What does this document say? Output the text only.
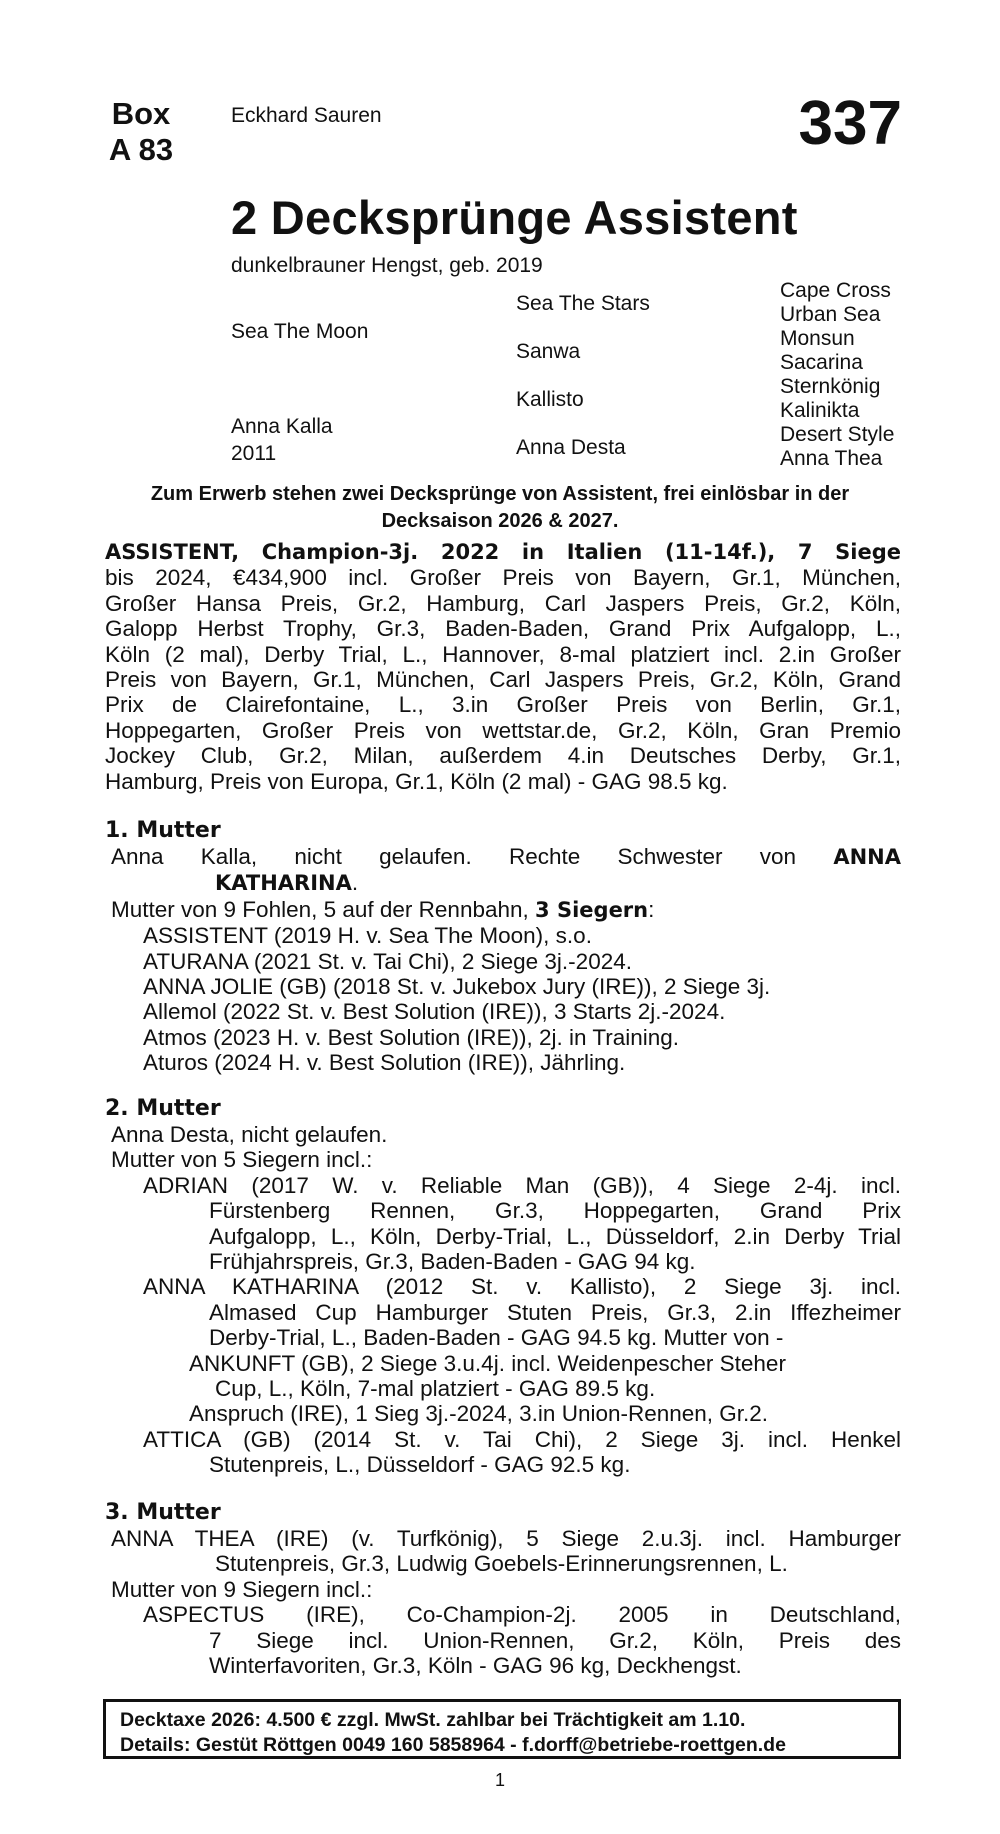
Box
A 83
Eckhard Sauren	337
2 Decksprünge Assistent
dunkelbrauner Hengst, geb. 2019
Sea The Moon
Anna Kalla
2011
Sea The Stars
Sanwa
Kallisto
Anna Desta
Cape Cross
Urban Sea
Monsun
Sacarina
Sternkönig
Kalinikta
Desert Style
Anna Thea
Zum Erwerb stehen zwei Decksprünge von Assistent, frei einlösbar in der
Decksaison 2026 & 2027.

ASSISTENT, Champion-3j. 2022 in Italien (11-14f.), 7 Siege

bis 2024, €434,900 incl. Großer Preis von Bayern, Gr.1, München,

Großer Hansa Preis, Gr.2, Hamburg, Carl Jaspers Preis, Gr.2, Köln,

Galopp Herbst Trophy, Gr.3, Baden-Baden, Grand Prix Aufgalopp, L.,

Köln (2 mal), Derby Trial, L., Hannover, 8-mal platziert incl. 2.in Großer

Preis von Bayern, Gr.1, München, Carl Jaspers Preis, Gr.2, Köln, Grand

Prix de Clairefontaine, L., 3.in Großer Preis von Berlin, Gr.1,

Hoppegarten, Großer Preis von wettstar.de, Gr.2, Köln, Gran Premio

Jockey Club, Gr.2, Milan, außerdem 4.in Deutsches Derby, Gr.1,

Hamburg, Preis von Europa, Gr.1, Köln (2 mal) - GAG 98.5 kg.

1. Mutter

Anna Kalla, nicht gelaufen. Rechte Schwester von ANNA

KATHARINA.

Mutter von 9 Fohlen, 5 auf der Rennbahn, 3 Siegern:

ASSISTENT (2019 H. v. Sea The Moon), s.o.

ATURANA (2021 St. v. Tai Chi), 2 Siege 3j.-2024.

ANNA JOLIE (GB) (2018 St. v. Jukebox Jury (IRE)), 2 Siege 3j.

Allemol (2022 St. v. Best Solution (IRE)), 3 Starts 2j.-2024.

Atmos (2023 H. v. Best Solution (IRE)), 2j. in Training.

Aturos (2024 H. v. Best Solution (IRE)), Jährling.

2. Mutter

Anna Desta, nicht gelaufen.

Mutter von 5 Siegern incl.:

ADRIAN (2017 W. v. Reliable Man (GB)), 4 Siege 2-4j. incl.

Fürstenberg Rennen, Gr.3, Hoppegarten, Grand Prix

Aufgalopp, L., Köln, Derby-Trial, L., Düsseldorf, 2.in Derby Trial

Frühjahrspreis, Gr.3, Baden-Baden - GAG 94 kg.

ANNA KATHARINA (2012 St. v. Kallisto), 2 Siege 3j. incl.

Almased Cup Hamburger Stuten Preis, Gr.3, 2.in Iffezheimer

Derby-Trial, L., Baden-Baden - GAG 94.5 kg. Mutter von -

ANKUNFT (GB), 2 Siege 3.u.4j. incl. Weidenpescher Steher

Cup, L., Köln, 7-mal platziert - GAG 89.5 kg.

Anspruch (IRE), 1 Sieg 3j.-2024, 3.in Union-Rennen, Gr.2.

ATTICA (GB) (2014 St. v. Tai Chi), 2 Siege 3j. incl. Henkel

Stutenpreis, L., Düsseldorf - GAG 92.5 kg.

3. Mutter

ANNA THEA (IRE) (v. Turfkönig), 5 Siege 2.u.3j. incl. Hamburger

Stutenpreis, Gr.3, Ludwig Goebels-Erinnerungsrennen, L.

Mutter von 9 Siegern incl.:

ASPECTUS (IRE), Co-Champion-2j. 2005 in Deutschland,

7 Siege incl. Union-Rennen, Gr.2, Köln, Preis des

Winterfavoriten, Gr.3, Köln - GAG 96 kg, Deckhengst.

Decktaxe 2026: 4.500 € zzgl. MwSt. zahlbar bei Trächtigkeit am 1.10.
Details: Gestüt Röttgen 0049 160 5858964 - f.dorff@betriebe-roettgen.de
1
